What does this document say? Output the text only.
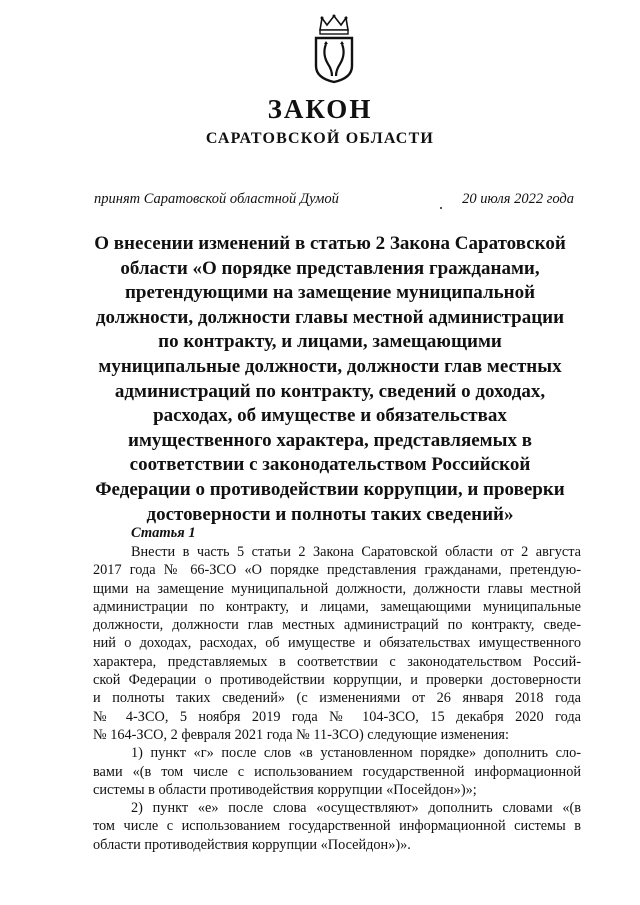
ЗАКОН
САРАТОВСКОЙ ОБЛАСТИ
принят Саратовской областной Думой	20 июля 2022 года
О внесении изменений в статью 2 Закона Саратовской
области «О порядке представления гражданами,
претендующими на замещение муниципальной
должности, должности главы местной администрации
по контракту, и лицами, замещающими
муниципальные должности, должности глав местных
администраций по контракту, сведений о доходах,
расходах, об имуществе и обязательствах
имущественного характера, представляемых в
соответствии с законодательством Российской
Федерации о противодействии коррупции, и проверки
достоверности и полноты таких сведений»
Статья 1
Внести в часть 5 статьи 2 Закона Саратовской области от 2 августа
2017 года № 66-ЗСО «О порядке представления гражданами, претендую-
щими на замещение муниципальной должности, должности главы местной
администрации по контракту, и лицами, замещающими муниципальные
должности, должности глав местных администраций по контракту, сведе-
ний о доходах, расходах, об имуществе и обязательствах имущественного
характера, представляемых в соответствии с законодательством Россий-
ской Федерации о противодействии коррупции, и проверки достоверности
и полноты таких сведений» (с изменениями от 26 января 2018 года
№ 4-ЗСО, 5 ноября 2019 года № 104-ЗСО, 15 декабря 2020 года
№ 164-ЗСО, 2 февраля 2021 года № 11-ЗСО) следующие изменения:
1) пункт «г» после слов «в установленном порядке» дополнить сло-
вами «(в том числе с использованием государственной информационной
системы в области противодействия коррупции «Посейдон»)»;
2) пункт «е» после слова «осуществляют» дополнить словами «(в
том числе с использованием государственной информационной системы в
области противодействия коррупции «Посейдон»)».
